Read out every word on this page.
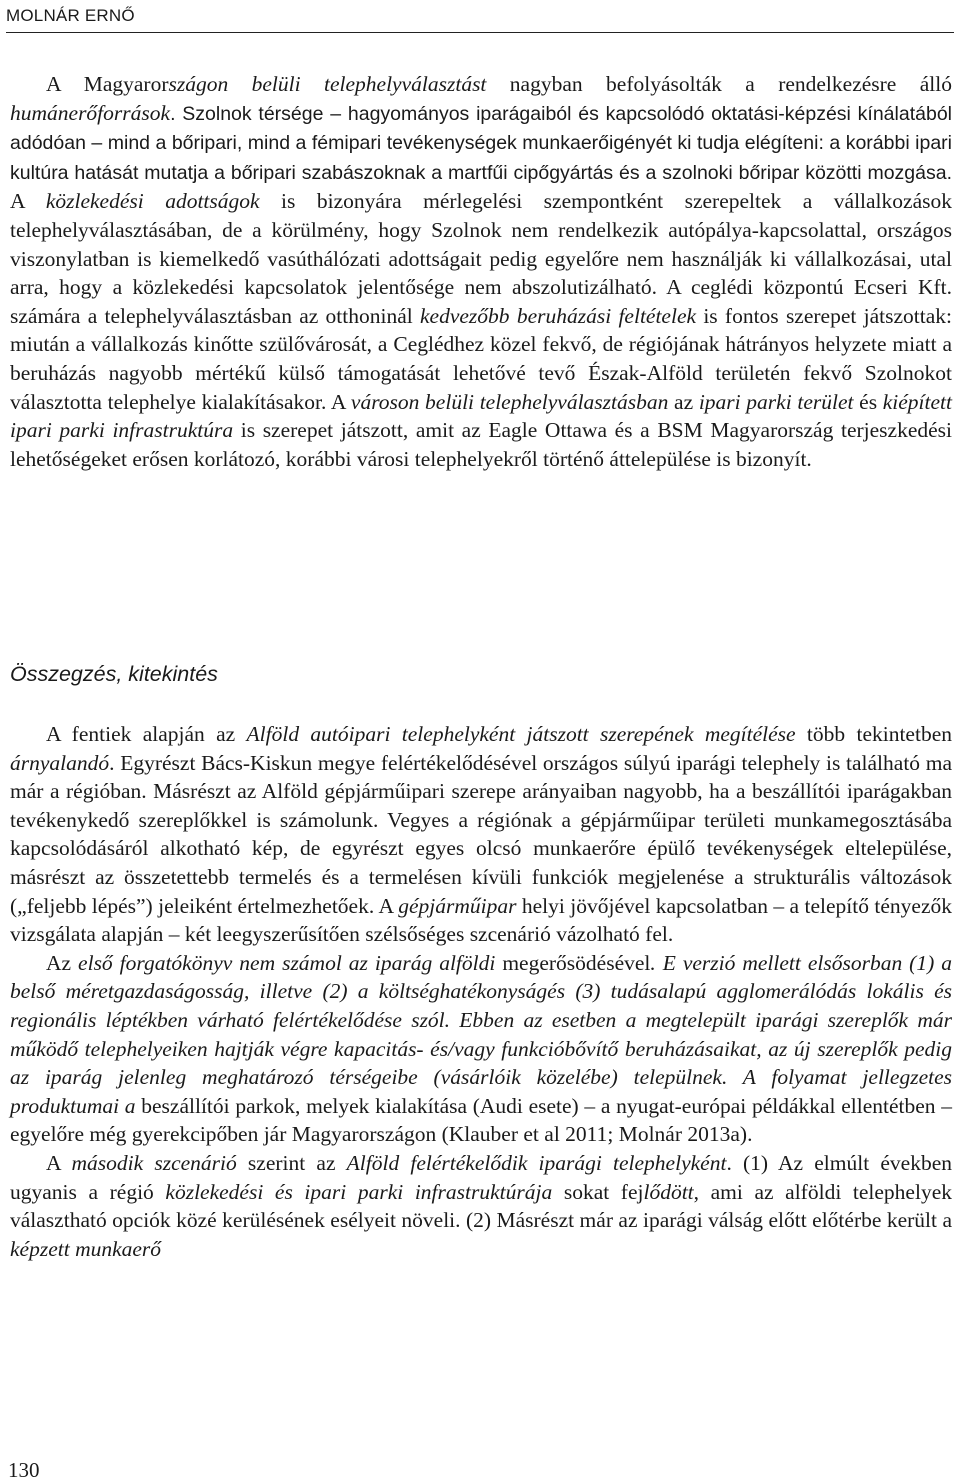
MOLNÁR ERNŐ

A Magyarországon belüli telephelyválasztást nagyban befolyásolták a rendelkezésre álló humánerőforrások. Szolnok térsége – hagyományos iparágaiból és kapcsolódó oktatási-képzési kínálatából adódóan – mind a bőripari, mind a fémipari tevékenységek munkaerőigényét ki tudja elégíteni: a korábbi ipari kultúra hatását mutatja a bőripari szabászoknak a martfűi cipőgyártás és a szolnoki bőripar közötti mozgása. A közlekedési adottságok is bizonyára mérlegelési szempontként szerepeltek a vállalkozások telephelyválasztásában, de a körülmény, hogy Szolnok nem rendelkezik autópálya-kapcsolattal, országos viszonylatban is kiemelkedő vasúthálózati adottságait pedig egyelőre nem használják ki vállalkozásai, utal arra, hogy a közlekedési kapcsolatok jelentősége nem abszolutizálható. A ceglédi központú Ecseri Kft. számára a telephelyválasztásban az otthoninál kedvezőbb beruházási feltételek is fontos szerepet játszottak: miután a vállalkozás kinőtte szülővárosát, a Ceglédhez közel fekvő, de régiójának hátrányos helyzete miatt a beruházás nagyobb mértékű külső támogatását lehetővé tevő Észak-Alföld területén fekvő Szolnokot választotta telephelye kialakításakor. A városon belüli telephelyválasztásban az ipari parki terület és kiépített ipari parki infrastruktúra is szerepet játszott, amit az Eagle Ottawa és a BSM Magyarország terjeszkedési lehetőségeket erősen korlátozó, korábbi városi telephelyekről történő áttelepülése is bizonyít.

Összegzés, kitekintés

A fentiek alapján az Alföld autóipari telephelyként játszott szerepének megítélése több tekintetben árnyalandó. Egyrészt Bács-Kiskun megye felértékelődésével országos súlyú iparági telephely is található ma már a régióban. Másrészt az Alföld gépjárműipari szerepe arányaiban nagyobb, ha a beszállítói iparágakban tevékenykedő szereplőkkel is számolunk. Vegyes a régiónak a gépjárműipar területi munkamegosztásába kapcsolódásáról alkotható kép, de egyrészt egyes olcsó munkaerőre épülő tevékenységek eltelepülése, másrészt az összetettebb termelés és a termelésen kívüli funkciók megjelenése a strukturális változások („feljebb lépés”) jeleiként értelmezhetőek. A gépjárműipar helyi jövőjével kapcsolatban – a telepítő tényezők vizsgálata alapján – két leegyszerűsítően szélsőséges szcenárió vázolható fel.

Az első forgatókönyv nem számol az iparág alföldi megerősödésével. E verzió mellett elsősorban (1) a belső méretgazdaságosság, illetve (2) a költséghatékonyságés (3) tudásalapú agglomerálódás lokális és regionális léptékben várható felértékelődése szól. Ebben az esetben a megtelepült iparági szereplők már működő telephelyeiken hajtják végre kapacitás- és/vagy funkcióbővítő beruházásaikat, az új szereplők pedig az iparág jelenleg meghatározó térségeibe (vásárlóik közelébe) települnek. A folyamat jellegzetes produktumai a beszállítói parkok, melyek kialakítása (Audi esete) – a nyugat-európai példákkal ellentétben – egyelőre még gyerekcipőben jár Magyarországon (Klauber et al 2011; Molnár 2013a).

A második szcenárió szerint az Alföld felértékelődik iparági telephelyként. (1) Az elmúlt években ugyanis a régió közlekedési és ipari parki infrastruktúrája sokat fejlődött, ami az alföldi telephelyek választható opciók közé kerülésének esélyeit növeli. (2) Másrészt már az iparági válság előtt előtérbe került a képzett munkaerő

130
